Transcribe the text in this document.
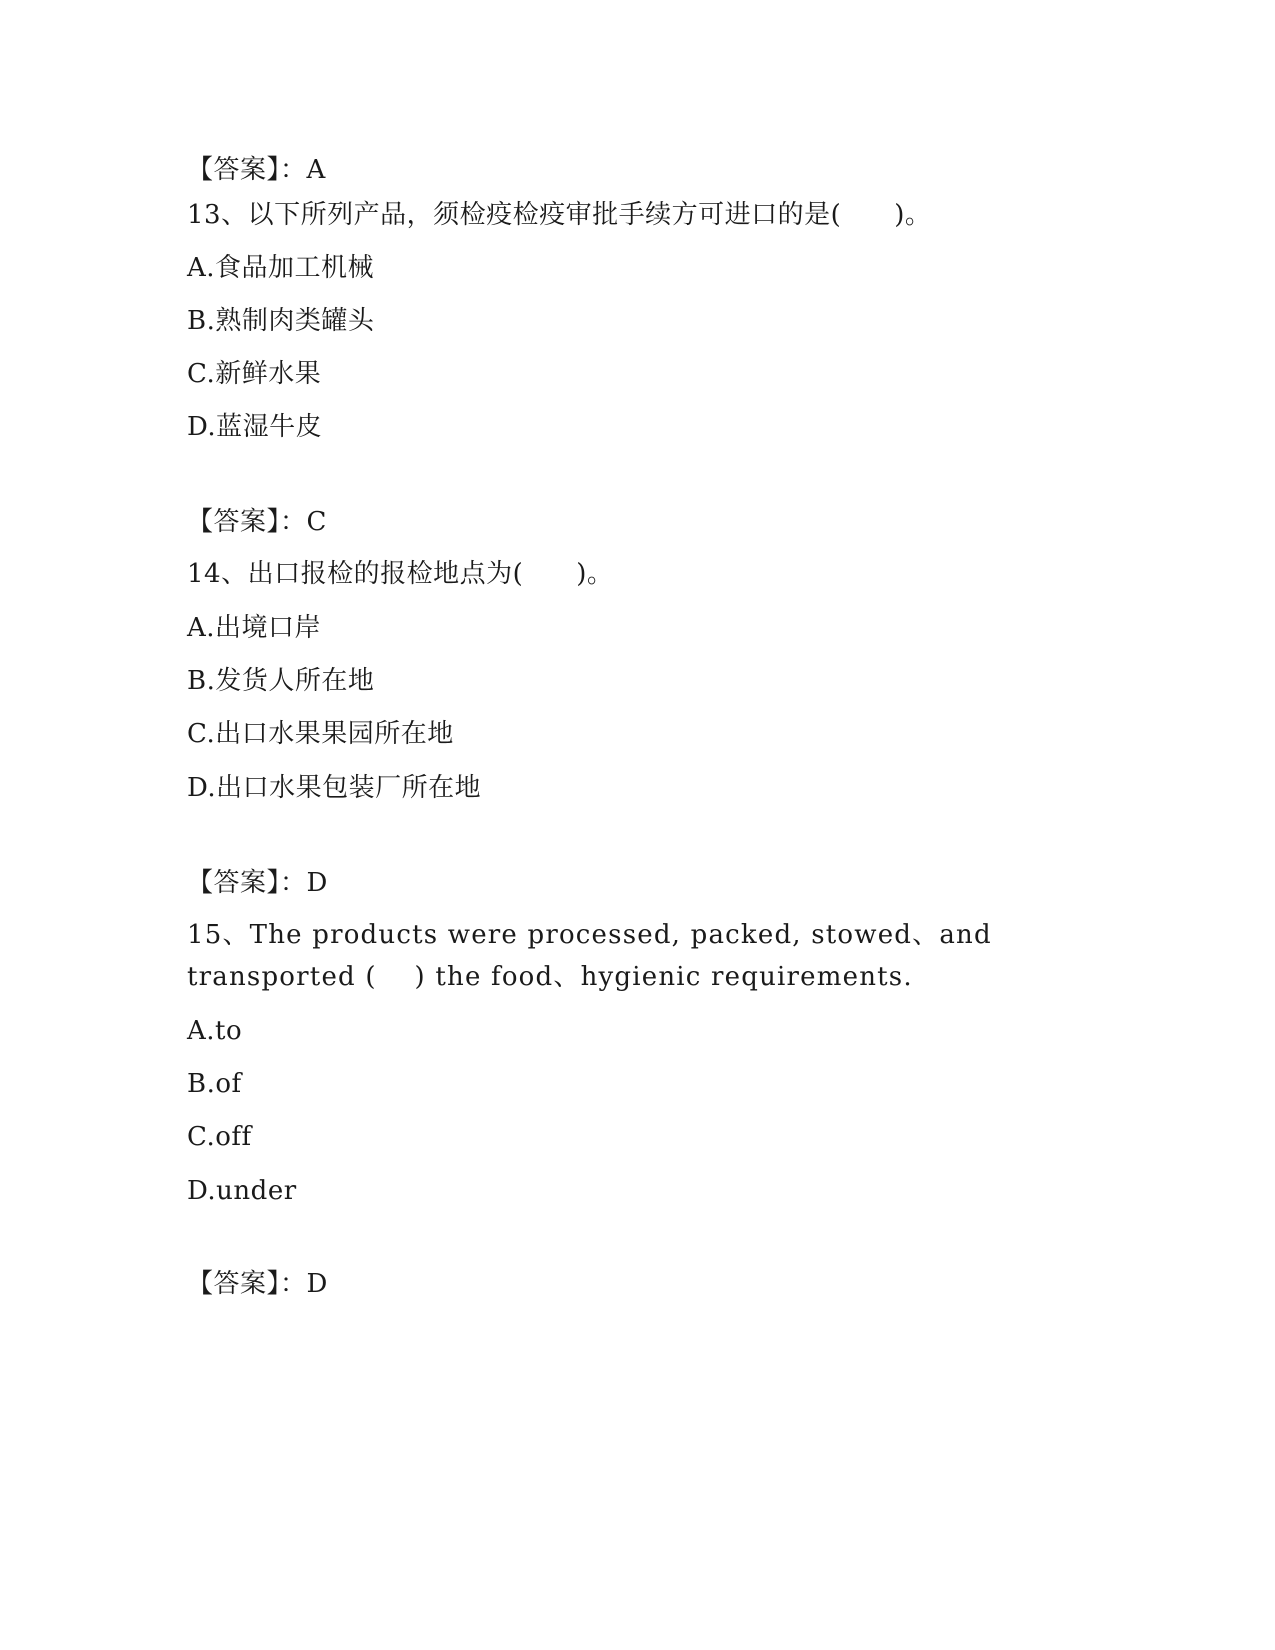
【答案】：A
13、以下所列产品，须检疫检疫审批手续方可进口的是(　　)。
A.食品加工机械
B.熟制肉类罐头
C.新鲜水果
D.蓝湿牛皮
【答案】：C
14、出口报检的报检地点为(　　)。
A.出境口岸
B.发货人所在地
C.出口水果果园所在地
D.出口水果包装厂所在地
【答案】：D
15、The products were processed, packed, stowed、and
transported (    ) the food、hygienic requirements.
A.to
B.of
C.off
D.under
【答案】：D
